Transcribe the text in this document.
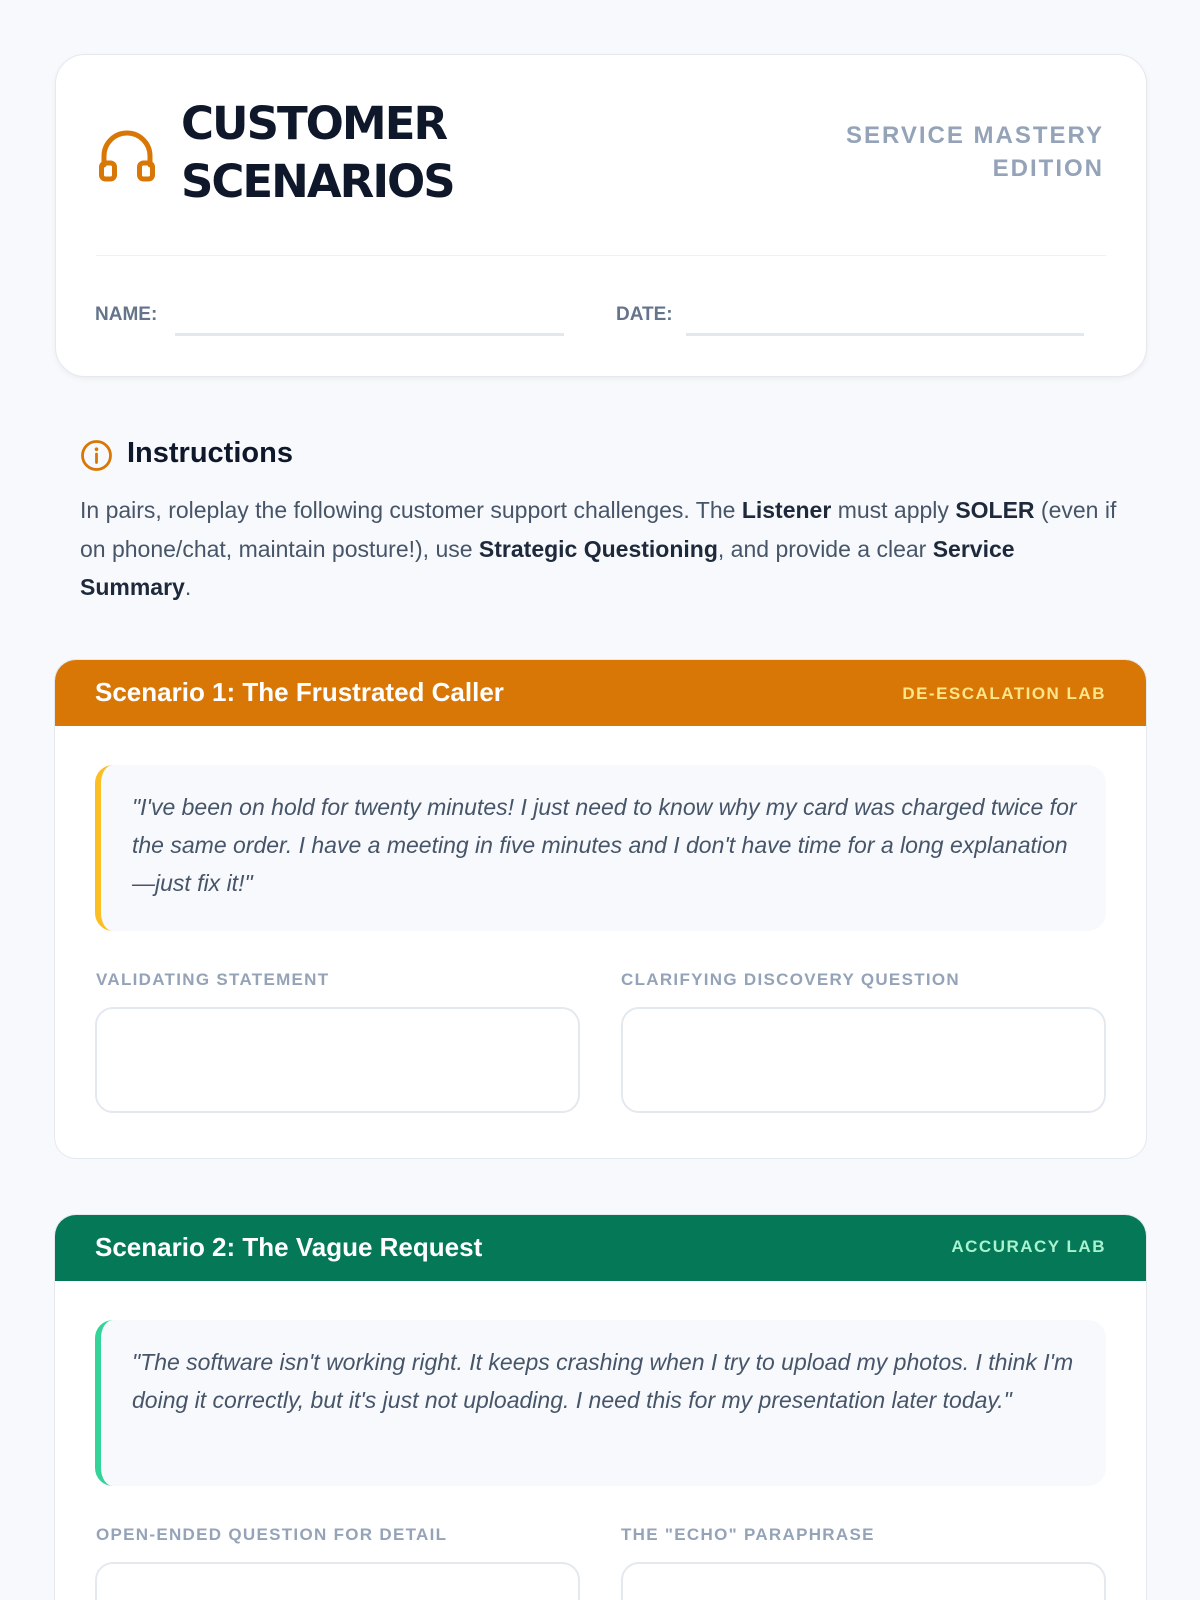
CUSTOMER
SCENARIOS
SERVICE MASTERY
EDITION
NAME:	DATE:
Instructions
In pairs, roleplay the following customer support challenges. The Listener must apply SOLER (even if on phone/chat, maintain posture!), use Strategic Questioning, and provide a clear Service Summary.
Scenario 1: The Frustrated Caller	DE-ESCALATION LAB
"I've been on hold for twenty minutes! I just need to know why my card was charged twice for the same order. I have a meeting in five minutes and I don't have time for a long explanation—just fix it!"
VALIDATING STATEMENT	CLARIFYING DISCOVERY QUESTION
Scenario 2: The Vague Request	ACCURACY LAB
"The software isn't working right. It keeps crashing when I try to upload my photos. I think I'm doing it correctly, but it's just not uploading. I need this for my presentation later today."
OPEN-ENDED QUESTION FOR DETAIL	THE "ECHO" PARAPHRASE
